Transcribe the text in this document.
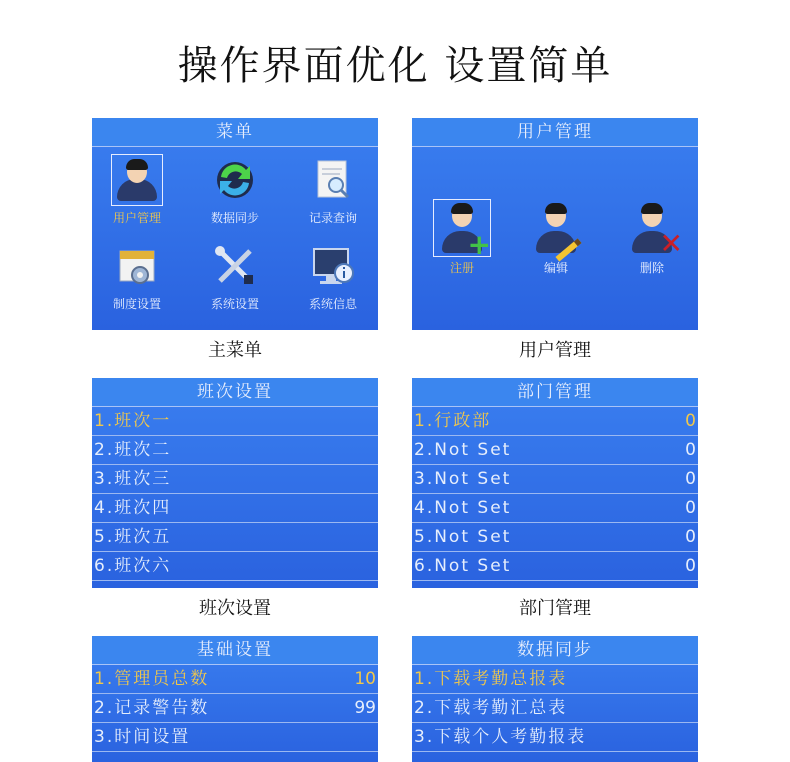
操作界面优化 设置简单
菜单
用户管理	数据同步	记录查询
制度设置	系统设置	系统信息
主菜单
用户管理
+
注册	编辑
✕
删除
用户管理
班次设置
1.班次一
2.班次二
3.班次三
4.班次四
5.班次五
6.班次六
班次设置
部门管理
1.行政部	0
2.Not Set	0
3.Not Set	0
4.Not Set	0
5.Not Set	0
6.Not Set	0
部门管理
基础设置
1.管理员总数	10
2.记录警告数	99
3.时间设置
数据同步
1.下载考勤总报表
2.下载考勤汇总表
3.下载个人考勤报表
